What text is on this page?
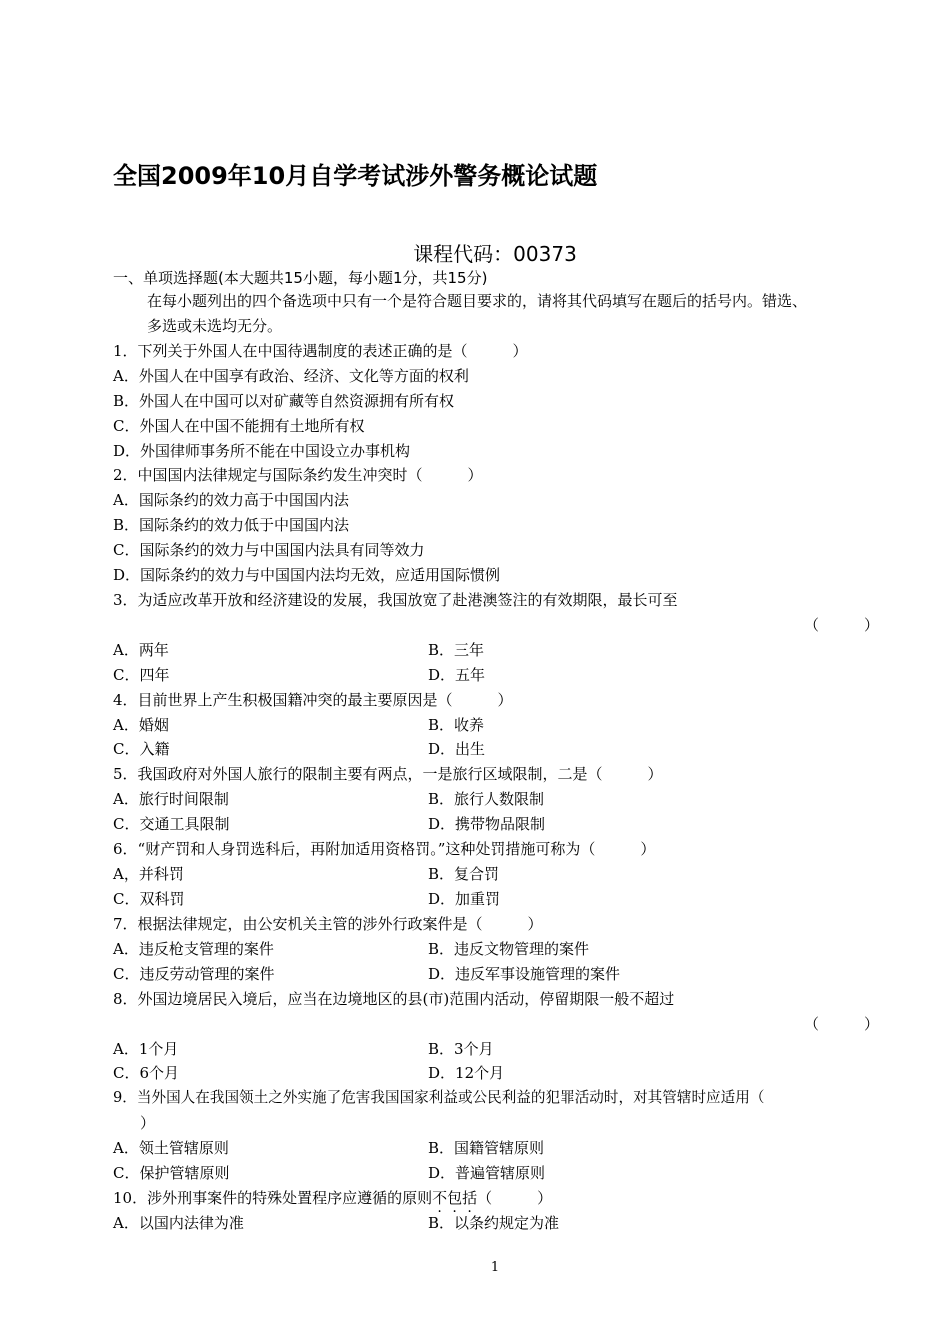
全国2009年10月自学考试涉外警务概论试题
课程代码：00373
一、单项选择题(本大题共15小题，每小题1分，共15分)
在每小题列出的四个备选项中只有一个是符合题目要求的，请将其代码填写在题后的括号内。错选、
多选或未选均无分。
1．下列关于外国人在中国待遇制度的表述正确的是（　　　）
A．外国人在中国享有政治、经济、文化等方面的权利
B．外国人在中国可以对矿藏等自然资源拥有所有权
C．外国人在中国不能拥有土地所有权
D．外国律师事务所不能在中国设立办事机构
2．中国国内法律规定与国际条约发生冲突时（　　　）
A．国际条约的效力高于中国国内法
B．国际条约的效力低于中国国内法
C．国际条约的效力与中国国内法具有同等效力
D．国际条约的效力与中国国内法均无效，应适用国际惯例
3．为适应改革开放和经济建设的发展，我国放宽了赴港澳签注的有效期限，最长可至
（　　　）
A．两年	B．三年
C．四年	D．五年
4．目前世界上产生积极国籍冲突的最主要原因是（　　　）
A．婚姻	B．收养
C．入籍	D．出生
5．我国政府对外国人旅行的限制主要有两点，一是旅行区域限制，二是（　　　）
A．旅行时间限制	B．旅行人数限制
C．交通工具限制	D．携带物品限制
6．“财产罚和人身罚选科后，再附加适用资格罚。”这种处罚措施可称为（　　　）
A，并科罚	B．复合罚
C．双科罚	D．加重罚
7．根据法律规定，由公安机关主管的涉外行政案件是（　　　）
A．违反枪支管理的案件	B．违反文物管理的案件
C．违反劳动管理的案件	D．违反军事设施管理的案件
8．外国边境居民入境后，应当在边境地区的县(市)范围内活动，停留期限一般不超过
（　　　）
A．1个月	B．3个月
C．6个月	D．12个月
9．当外国人在我国领土之外实施了危害我国国家利益或公民利益的犯罪活动时，对其管辖时应适用（
）
A．领土管辖原则	B．国籍管辖原则
C．保护管辖原则	D．普遍管辖原则
10．涉外刑事案件的特殊处置程序应遵循的原则不包括（　　　）
A．以国内法律为准	B．以条约规定为准
1
